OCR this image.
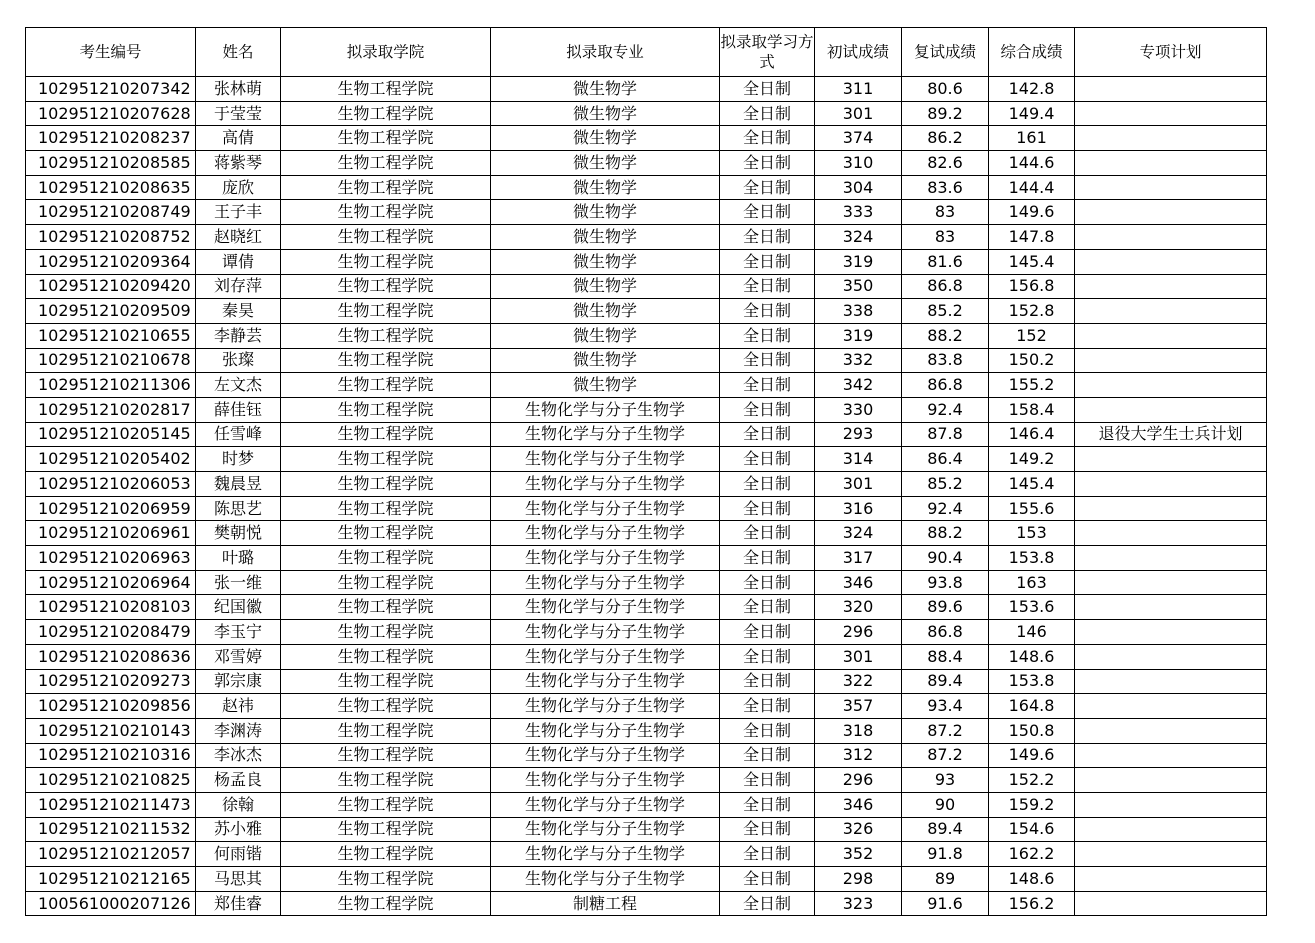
考生编号	姓名	拟录取学院	拟录取专业	拟录取学习方式	初试成绩	复试成绩	综合成绩	专项计划
102951210207342	张林萌	生物工程学院	微生物学	全日制	311	80.6	142.8	
102951210207628	于莹莹	生物工程学院	微生物学	全日制	301	89.2	149.4	
102951210208237	高倩	生物工程学院	微生物学	全日制	374	86.2	161	
102951210208585	蒋紫琴	生物工程学院	微生物学	全日制	310	82.6	144.6	
102951210208635	庞欣	生物工程学院	微生物学	全日制	304	83.6	144.4	
102951210208749	王子丰	生物工程学院	微生物学	全日制	333	83	149.6	
102951210208752	赵晓红	生物工程学院	微生物学	全日制	324	83	147.8	
102951210209364	谭倩	生物工程学院	微生物学	全日制	319	81.6	145.4	
102951210209420	刘存萍	生物工程学院	微生物学	全日制	350	86.8	156.8	
102951210209509	秦昊	生物工程学院	微生物学	全日制	338	85.2	152.8	
102951210210655	李静芸	生物工程学院	微生物学	全日制	319	88.2	152	
102951210210678	张璨	生物工程学院	微生物学	全日制	332	83.8	150.2	
102951210211306	左文杰	生物工程学院	微生物学	全日制	342	86.8	155.2	
102951210202817	薛佳钰	生物工程学院	生物化学与分子生物学	全日制	330	92.4	158.4	
102951210205145	任雪峰	生物工程学院	生物化学与分子生物学	全日制	293	87.8	146.4	退役大学生士兵计划
102951210205402	时梦	生物工程学院	生物化学与分子生物学	全日制	314	86.4	149.2	
102951210206053	魏晨昱	生物工程学院	生物化学与分子生物学	全日制	301	85.2	145.4	
102951210206959	陈思艺	生物工程学院	生物化学与分子生物学	全日制	316	92.4	155.6	
102951210206961	樊朝悦	生物工程学院	生物化学与分子生物学	全日制	324	88.2	153	
102951210206963	叶璐	生物工程学院	生物化学与分子生物学	全日制	317	90.4	153.8	
102951210206964	张一维	生物工程学院	生物化学与分子生物学	全日制	346	93.8	163	
102951210208103	纪国徽	生物工程学院	生物化学与分子生物学	全日制	320	89.6	153.6	
102951210208479	李玉宁	生物工程学院	生物化学与分子生物学	全日制	296	86.8	146	
102951210208636	邓雪婷	生物工程学院	生物化学与分子生物学	全日制	301	88.4	148.6	
102951210209273	郭宗康	生物工程学院	生物化学与分子生物学	全日制	322	89.4	153.8	
102951210209856	赵祎	生物工程学院	生物化学与分子生物学	全日制	357	93.4	164.8	
102951210210143	李渊涛	生物工程学院	生物化学与分子生物学	全日制	318	87.2	150.8	
102951210210316	李冰杰	生物工程学院	生物化学与分子生物学	全日制	312	87.2	149.6	
102951210210825	杨孟良	生物工程学院	生物化学与分子生物学	全日制	296	93	152.2	
102951210211473	徐翰	生物工程学院	生物化学与分子生物学	全日制	346	90	159.2	
102951210211532	苏小雅	生物工程学院	生物化学与分子生物学	全日制	326	89.4	154.6	
102951210212057	何雨锴	生物工程学院	生物化学与分子生物学	全日制	352	91.8	162.2	
102951210212165	马思其	生物工程学院	生物化学与分子生物学	全日制	298	89	148.6	
100561000207126	郑佳睿	生物工程学院	制糖工程	全日制	323	91.6	156.2	
